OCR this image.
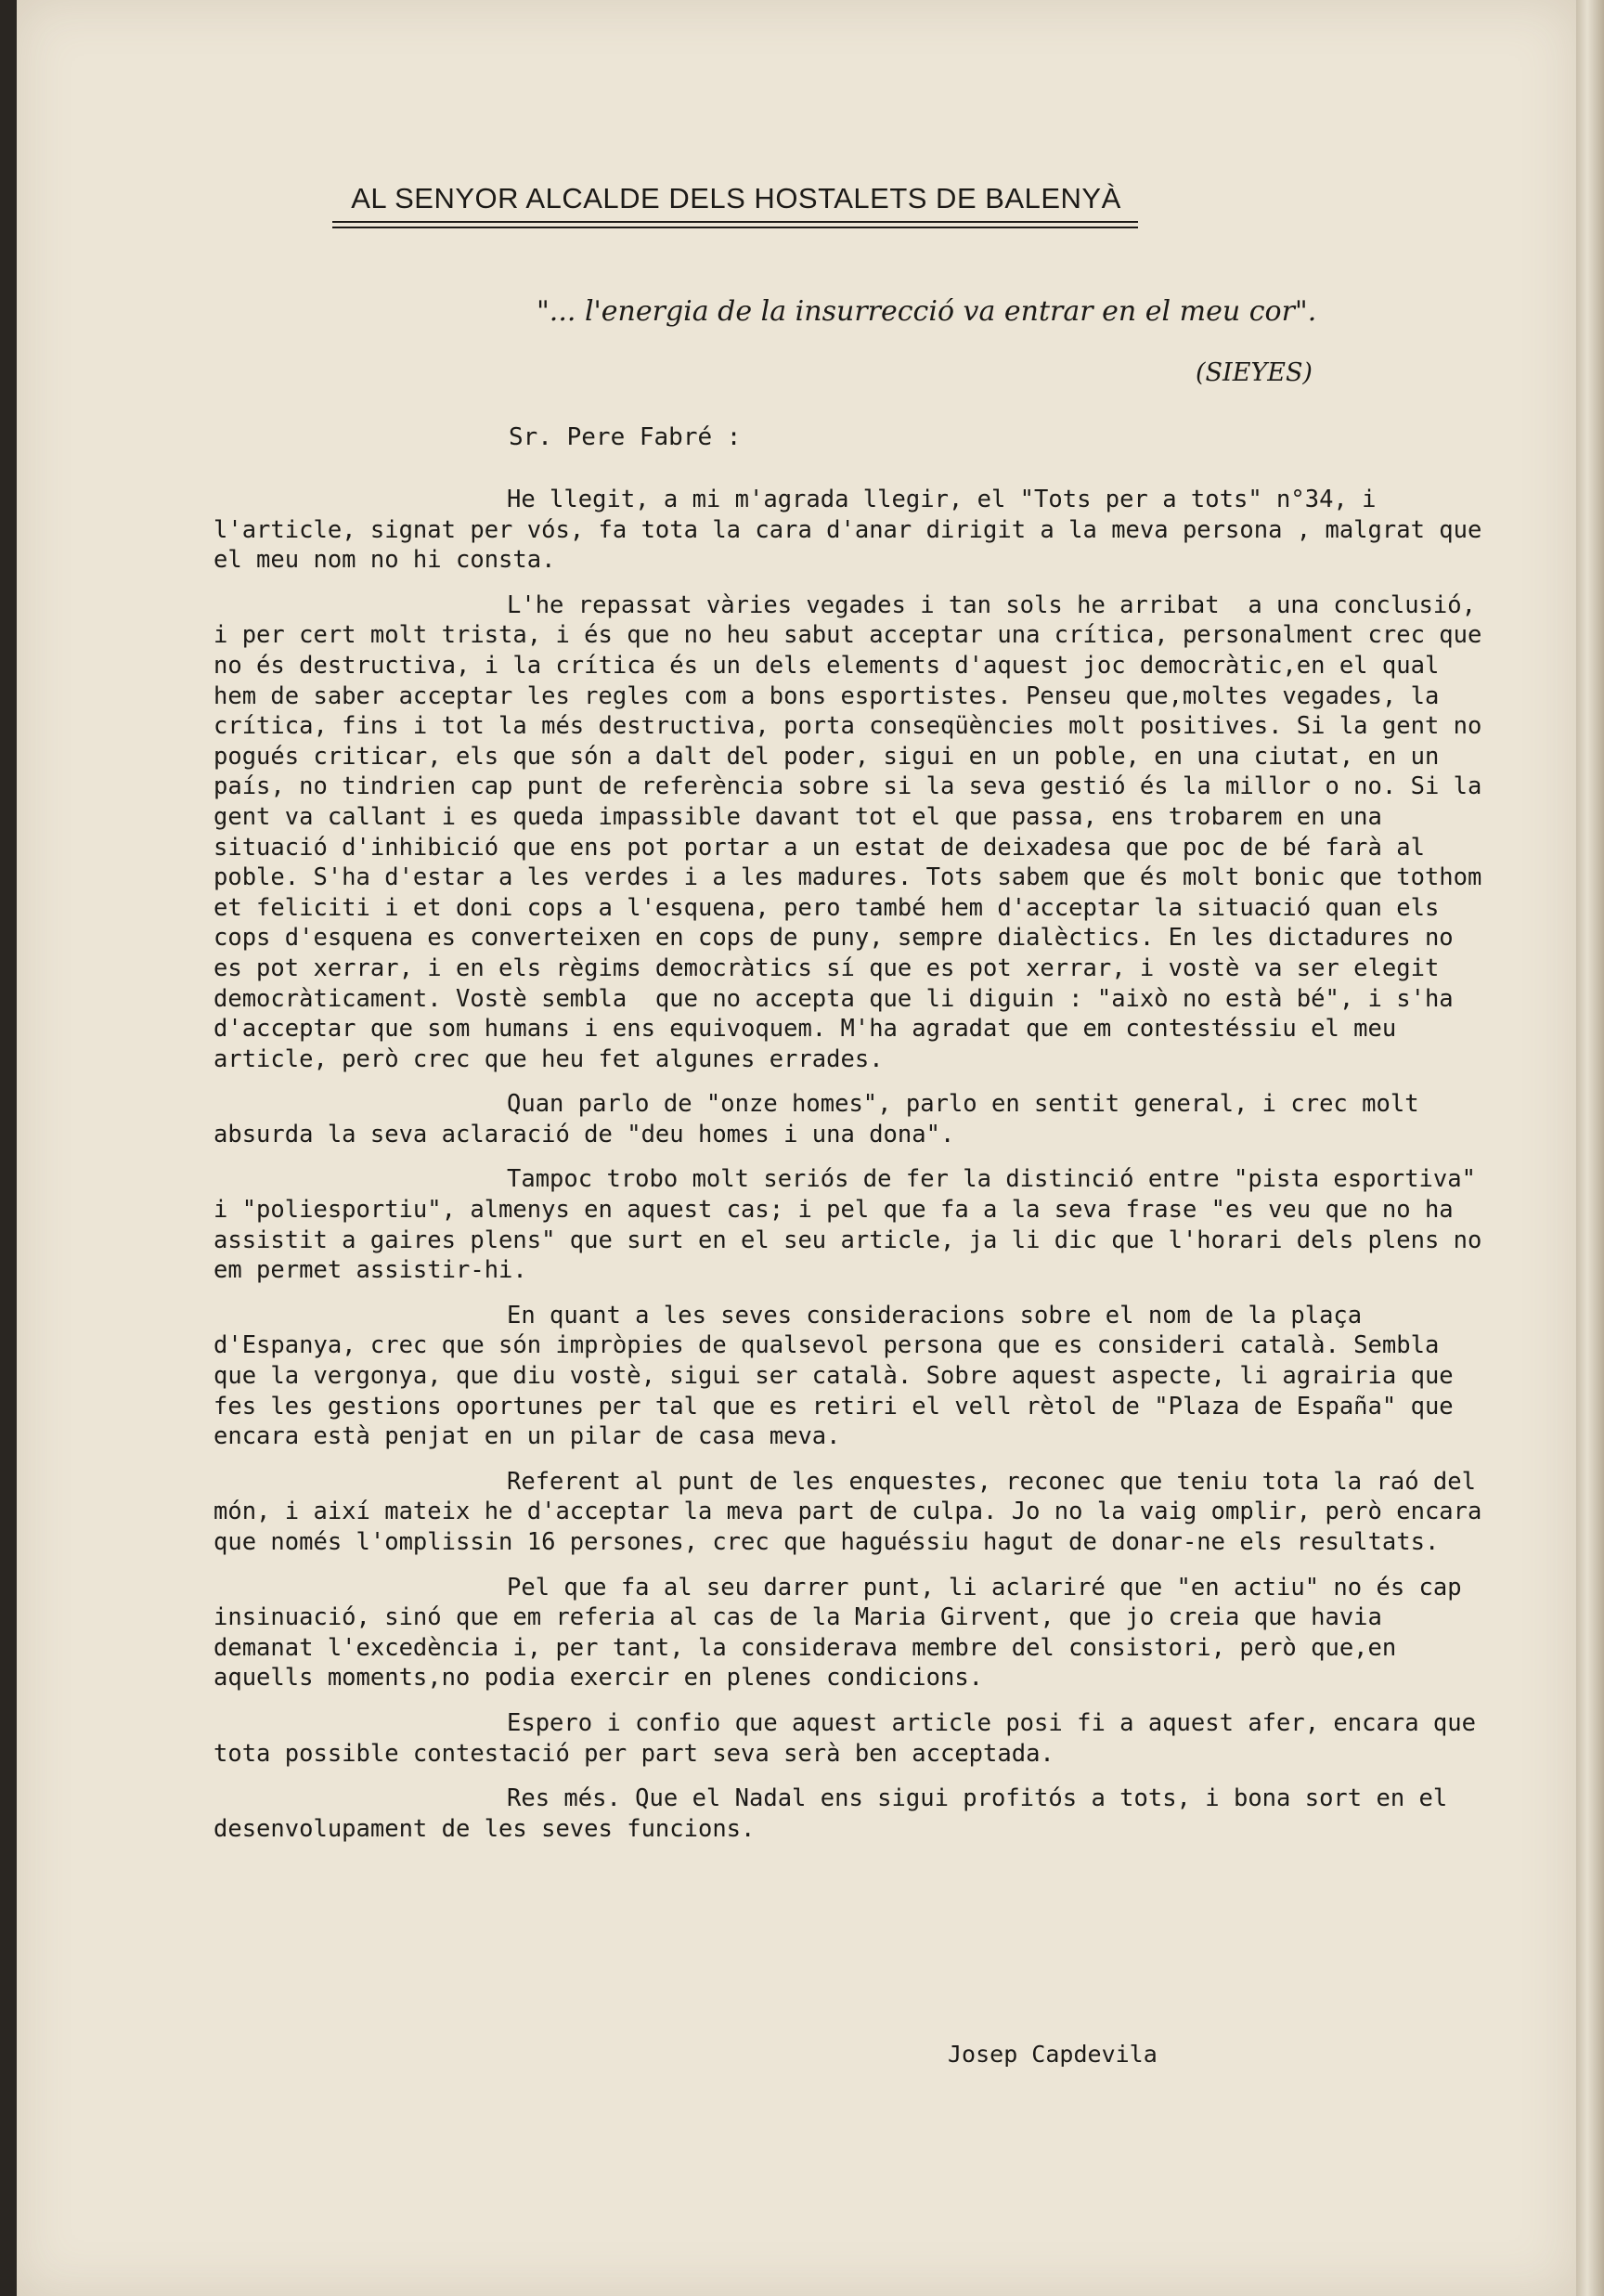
AL SENYOR ALCALDE DELS HOSTALETS DE BALENYÀ
"... l'energia de la insurrecció va entrar en el meu cor".
(SIEYES)
Sr. Pere Fabré :

He llegit, a mi m'agrada llegir, el "Tots per a tots" n°34, i l'article, signat per vós, fa tota la cara d'anar dirigit a la meva persona , malgrat que el meu nom no hi consta.

L'he repassat vàries vegades i tan sols he arribat  a una conclusió, i per cert molt trista, i és que no heu sabut acceptar una crítica, personalment crec que no és destructiva, i la crítica és un dels elements d'aquest joc democràtic,en el qual hem de saber acceptar les regles com a bons esportistes. Penseu que,moltes vegades, la crítica, fins i tot la més destructiva, porta conseqüències molt positives. Si la gent no pogués criticar, els que són a dalt del poder, sigui en un poble, en una ciutat, en un país, no tindrien cap punt de referència sobre si la seva gestió és la millor o no. Si la gent va callant i es queda impassible davant tot el que passa, ens trobarem en una situació d'inhibició que ens pot portar a un estat de deixadesa que poc de bé farà al poble. S'ha d'estar a les verdes i a les madures. Tots sabem que és molt bonic que tothom et feliciti i et doni cops a l'esquena, pero també hem d'acceptar la situació quan els cops d'esquena es converteixen en cops de puny, sempre dialèctics. En les dictadures no es pot xerrar, i en els règims democràtics sí que es pot xerrar, i vostè va ser elegit democràticament. Vostè sembla  que no accepta que li diguin : "això no està bé", i s'ha d'acceptar que som humans i ens equivoquem. M'ha agradat que em contestéssiu el meu article, però crec que heu fet algunes errades.

Quan parlo de "onze homes", parlo en sentit general, i crec molt absurda la seva aclaració de "deu homes i una dona".

Tampoc trobo molt seriós de fer la distinció entre "pista esportiva" i "poliesportiu", almenys en aquest cas; i pel que fa a la seva frase "es veu que no ha assistit a gaires plens" que surt en el seu article, ja li dic que l'horari dels plens no em permet assistir-hi.

En quant a les seves consideracions sobre el nom de la plaça d'Espanya, crec que són impròpies de qualsevol persona que es consideri català. Sembla que la vergonya, que diu vostè, sigui ser català. Sobre aquest aspecte, li agrairia que fes les gestions oportunes per tal que es retiri el vell rètol de "Plaza de España" que encara està penjat en un pilar de casa meva.

Referent al punt de les enquestes, reconec que teniu tota la raó del món, i així mateix he d'acceptar la meva part de culpa. Jo no la vaig omplir, però encara que només l'omplissin 16 persones, crec que haguéssiu hagut de donar-ne els resultats.

Pel que fa al seu darrer punt, li aclariré que "en actiu" no és cap insinuació, sinó que em referia al cas de la Maria Girvent, que jo creia que havia demanat l'excedència i, per tant, la considerava membre del consistori, però que,en aquells moments,no podia exercir en plenes condicions.

Espero i confio que aquest article posi fi a aquest afer, encara que tota possible contestació per part seva serà ben acceptada.

Res més. Que el Nadal ens sigui profitós a tots, i bona sort en el desenvolupament de les seves funcions.

Josep Capdevila
